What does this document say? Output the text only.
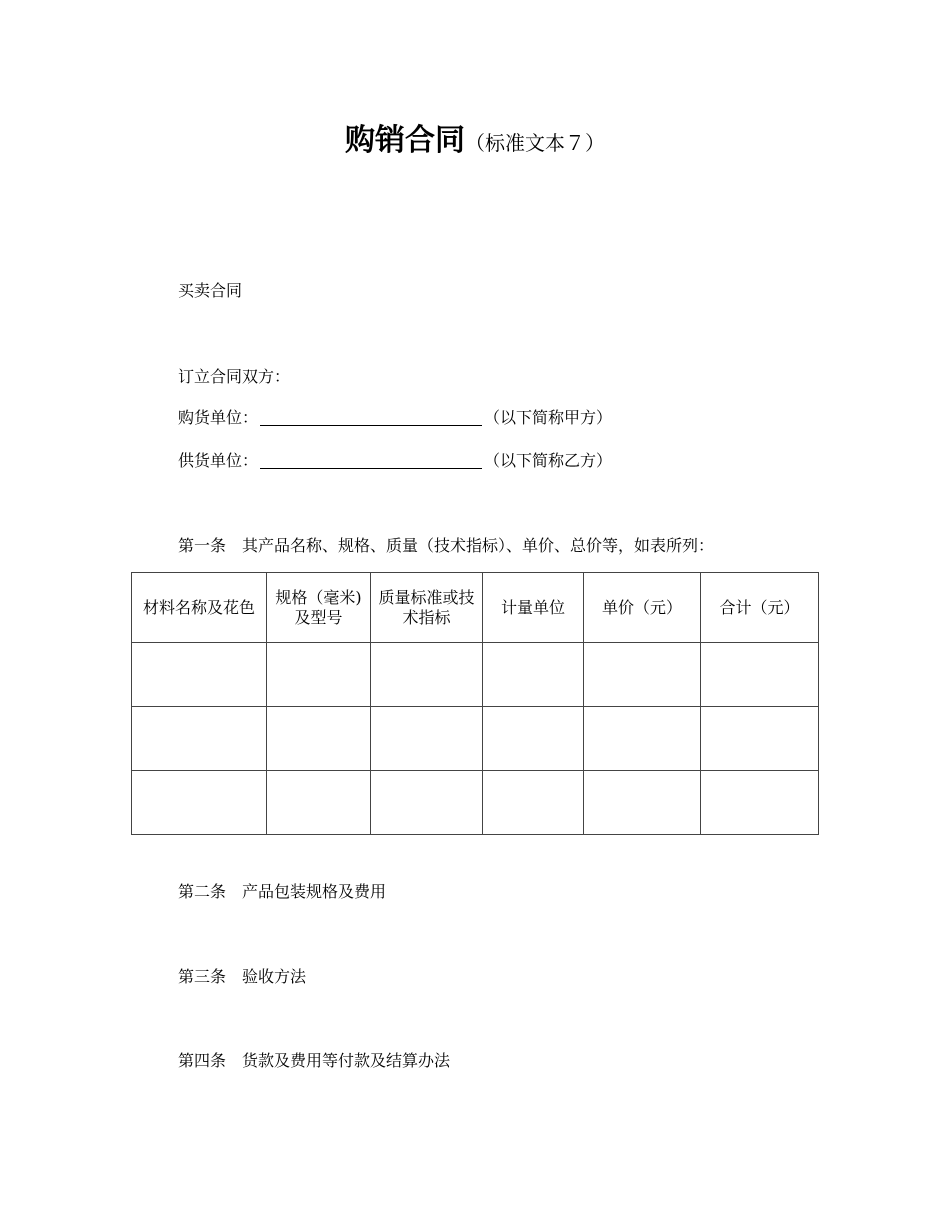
购销合同（标准文本７）
买卖合同
订立合同双方：
购货单位：	（以下简称甲方）
供货单位：	（以下简称乙方）
第一条　其产品名称、规格、质量（技术指标）、单价、总价等，如表所列：
材料名称及花色	规格（毫米)及型号	质量标准或技术指标	计量单位	单价（元）	合计（元）

第二条　产品包装规格及费用
第三条　验收方法
第四条　货款及费用等付款及结算办法
